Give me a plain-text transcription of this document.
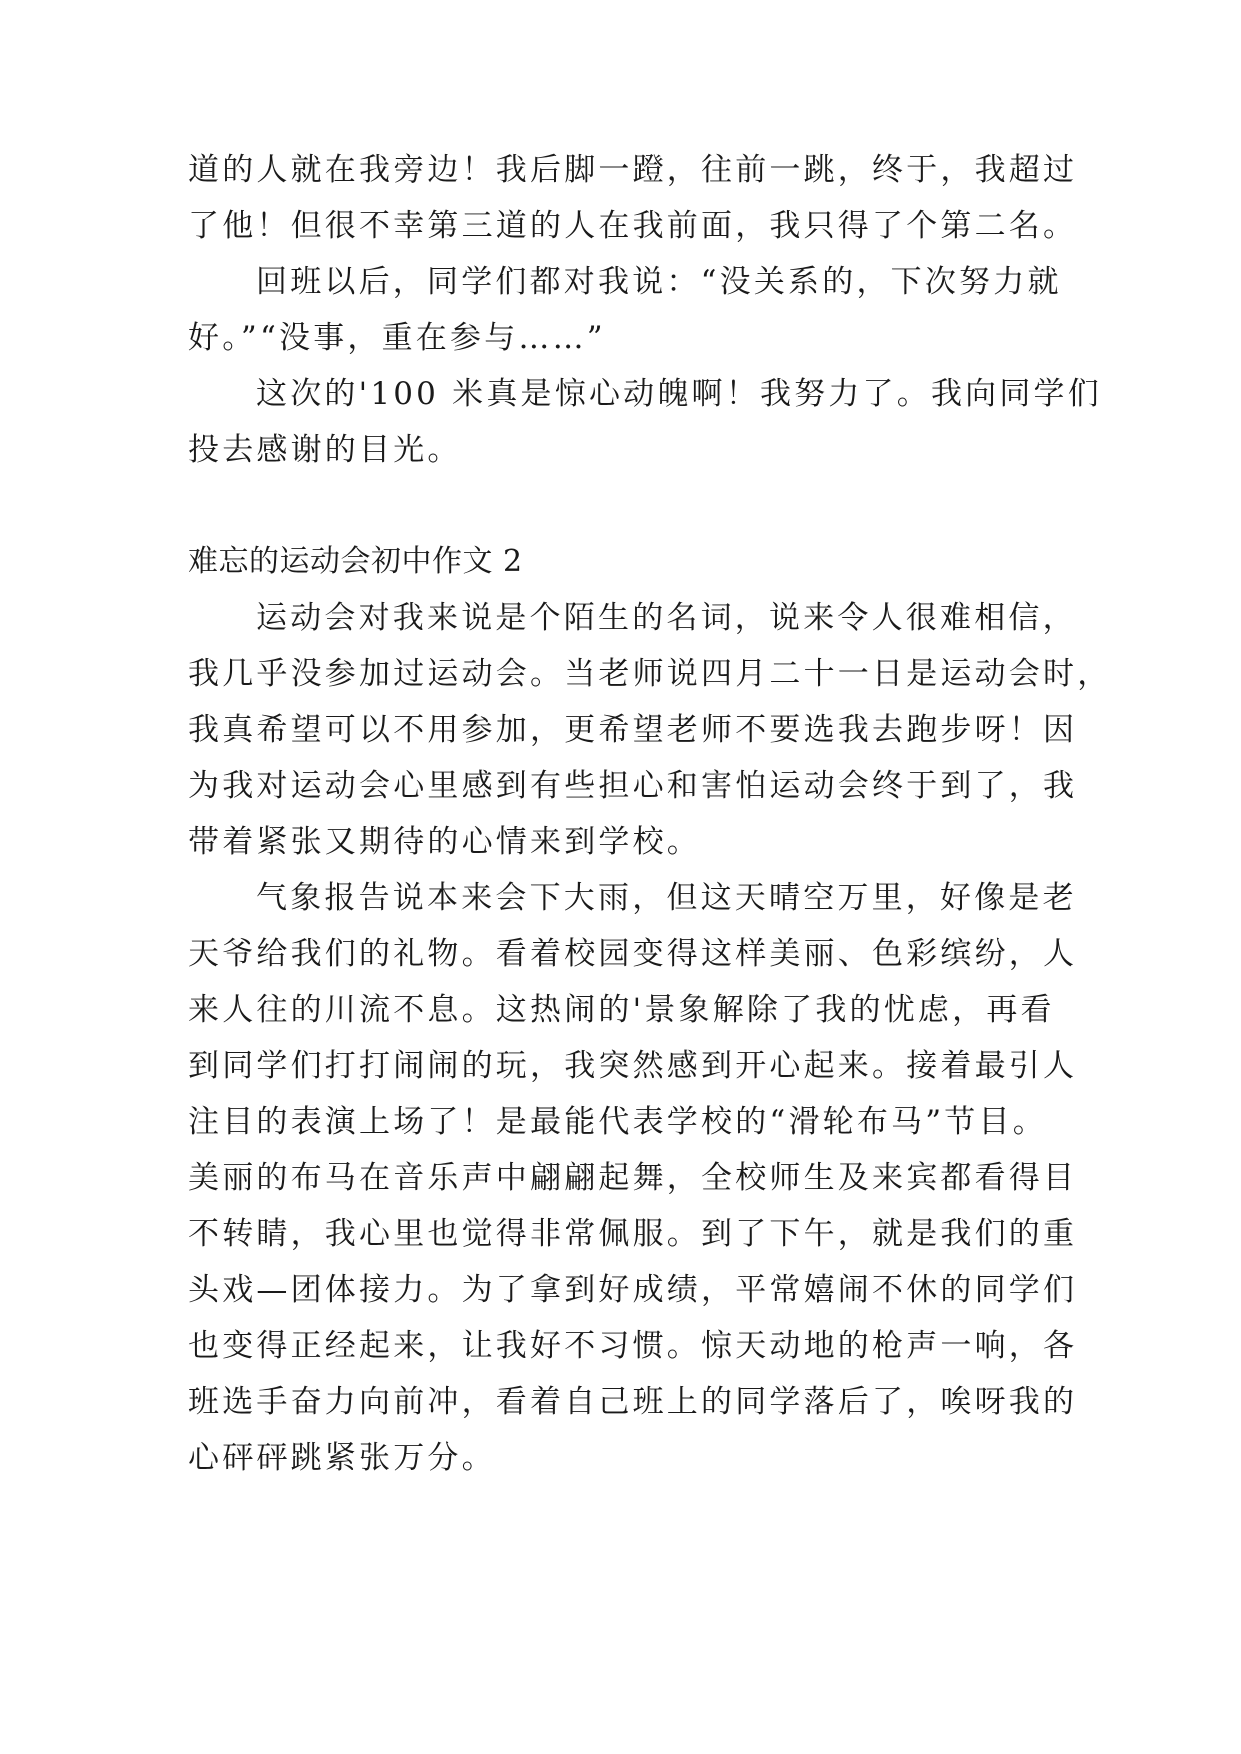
道的人就在我旁边！我后脚一蹬，往前一跳，终于，我超过
了他！但很不幸第三道的人在我前面，我只得了个第二名。
回班以后，同学们都对我说：“没关系的，下次努力就
好。”“没事，重在参与……”
这次的'100 米真是惊心动魄啊！我努力了。我向同学们
投去感谢的目光。
难忘的运动会初中作文 2
运动会对我来说是个陌生的名词，说来令人很难相信，
我几乎没参加过运动会。当老师说四月二十一日是运动会时，
我真希望可以不用参加，更希望老师不要选我去跑步呀！因
为我对运动会心里感到有些担心和害怕运动会终于到了，我
带着紧张又期待的心情来到学校。
气象报告说本来会下大雨，但这天晴空万里，好像是老
天爷给我们的礼物。看着校园变得这样美丽、色彩缤纷，人
来人往的川流不息。这热闹的'景象解除了我的忧虑，再看
到同学们打打闹闹的玩，我突然感到开心起来。接着最引人
注目的表演上场了！是最能代表学校的“滑轮布马”节目。
美丽的布马在音乐声中翩翩起舞，全校师生及来宾都看得目
不转睛，我心里也觉得非常佩服。到了下午，就是我们的重
头戏—团体接力。为了拿到好成绩，平常嬉闹不休的同学们
也变得正经起来，让我好不习惯。惊天动地的枪声一响，各
班选手奋力向前冲，看着自己班上的同学落后了，唉呀我的
心砰砰跳紧张万分。
